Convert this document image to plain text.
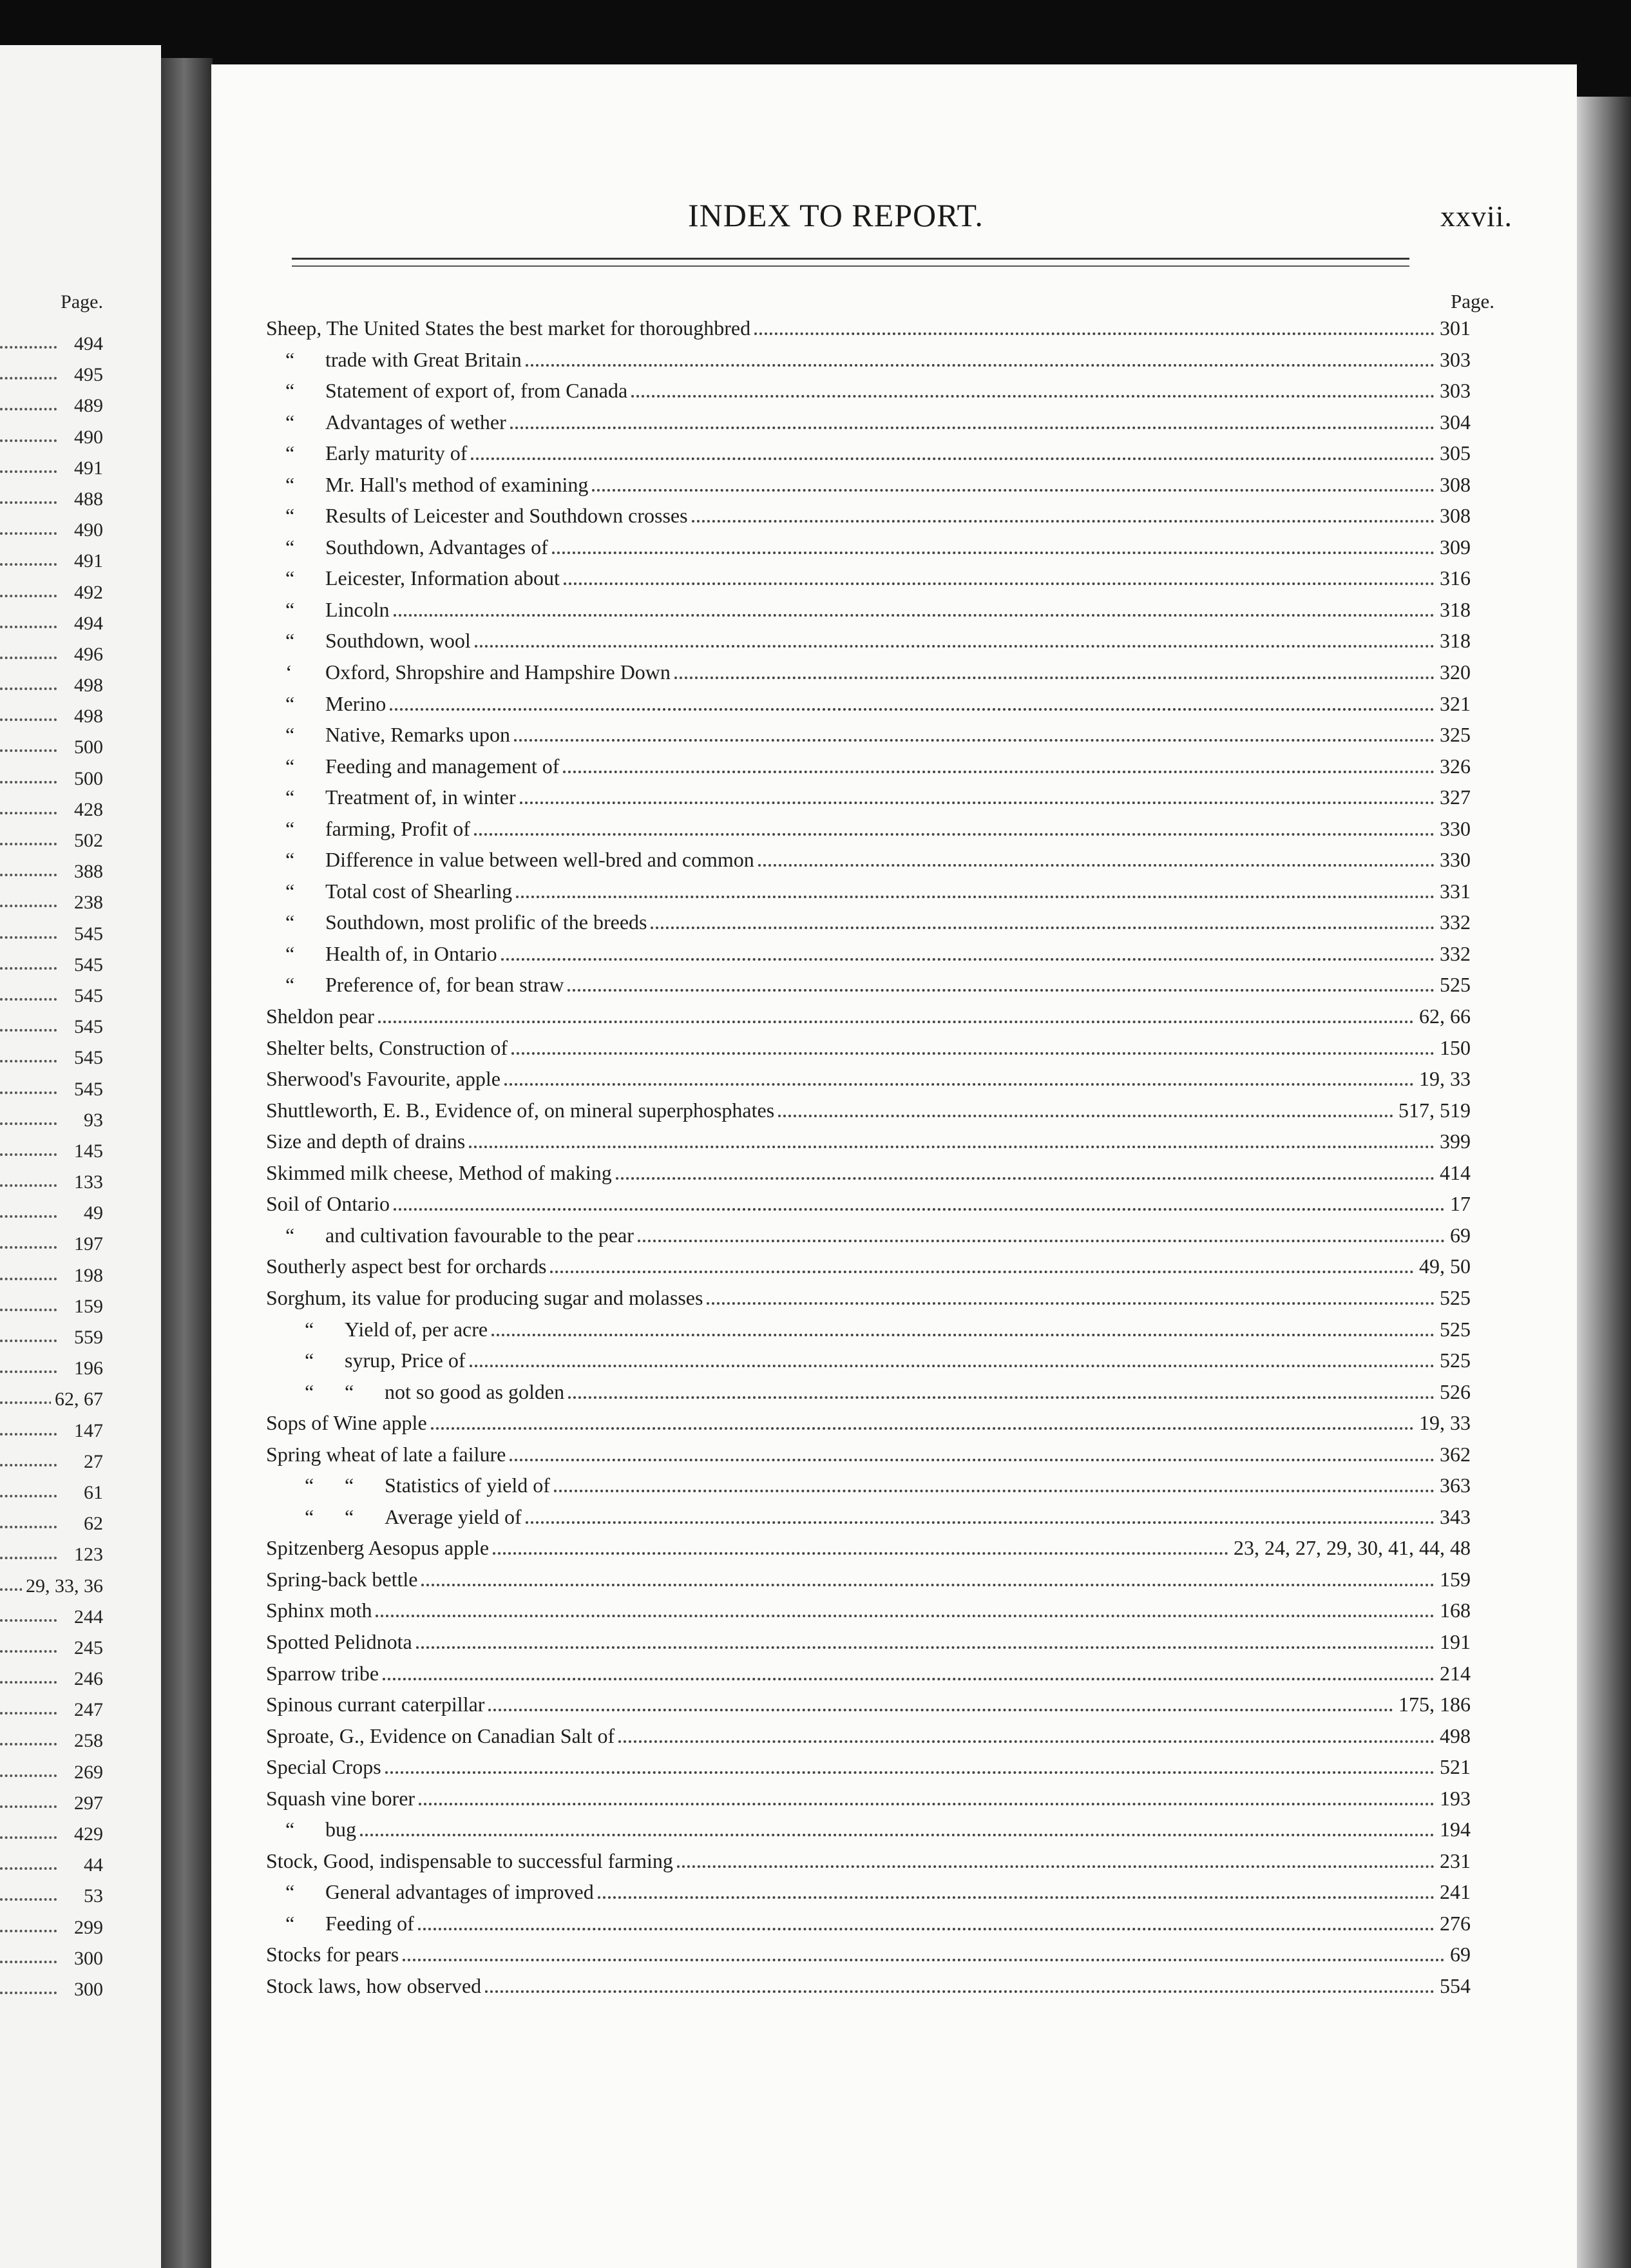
Page.
494
495
489
490
491
488
490
491
492
494
496
498
498
500
500
428
502
388
238
545
545
545
545
545
545
93
145
133
49
197
198
159
559
196
62, 67
147
27
61
62
123
29, 33, 36
244
245
246
247
258
269
297
429
44
53
299
300
300
INDEX TO REPORT.	xxvii.
Page.
Sheep, The United States the best market for thoroughbred	301
“ trade with Great Britain	303
“ Statement of export of, from Canada	303
“ Advantages of wether	304
“ Early maturity of	305
“ Mr. Hall's method of examining	308
“ Results of Leicester and Southdown crosses	308
“ Southdown, Advantages of	309
“ Leicester, Information about	316
“ Lincoln	318
“ Southdown, wool	318
‘ Oxford, Shropshire and Hampshire Down	320
“ Merino	321
“ Native, Remarks upon	325
“ Feeding and management of	326
“ Treatment of, in winter	327
“ farming, Profit of	330
“ Difference in value between well-bred and common	330
“ Total cost of Shearling	331
“ Southdown, most prolific of the breeds	332
“ Health of, in Ontario	332
“ Preference of, for bean straw	525
Sheldon pear	62, 66
Shelter belts, Construction of	150
Sherwood's Favourite, apple	19, 33
Shuttleworth, E. B., Evidence of, on mineral superphosphates	517, 519
Size and depth of drains	399
Skimmed milk cheese, Method of making	414
Soil of Ontario	17
“ and cultivation favourable to the pear	69
Southerly aspect best for orchards	49, 50
Sorghum, its value for producing sugar and molasses	525
“ Yield of, per acre	525
“ syrup, Price of	525
“ “ not so good as golden	526
Sops of Wine apple	19, 33
Spring wheat of late a failure	362
“ “ Statistics of yield of	363
“ “ Average yield of	343
Spitzenberg Aesopus apple	23, 24, 27, 29, 30, 41, 44, 48
Spring-back bettle	159
Sphinx moth	168
Spotted Pelidnota	191
Sparrow tribe	214
Spinous currant caterpillar	175, 186
Sproate, G., Evidence on Canadian Salt of	498
Special Crops	521
Squash vine borer	193
“ bug	194
Stock, Good, indispensable to successful farming	231
“ General advantages of improved	241
“ Feeding of	276
Stocks for pears	69
Stock laws, how observed	554
